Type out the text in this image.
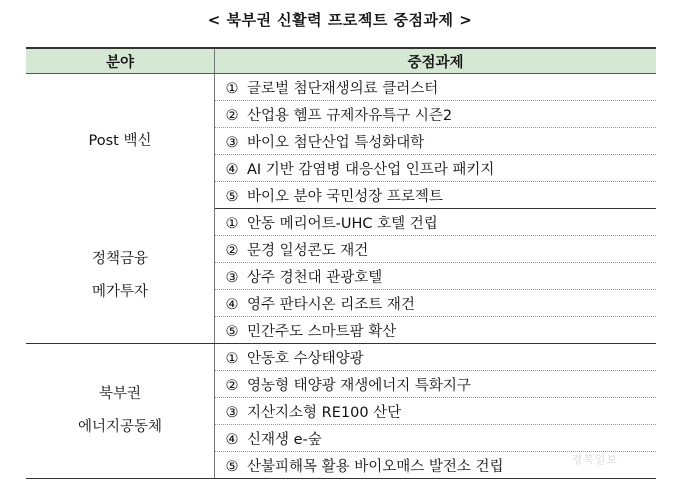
< 북부권 신활력 프로젝트 중점과제 >
분야	중점과제

Post 백신	① 글로벌 첨단재생의료 클러스터
	② 산업용 헴프 규제자유특구 시즌2
	③ 바이오 첨단산업 특성화대학
	④ AI 기반 감염병 대응산업 인프라 패키지
	⑤ 바이오 분야 국민성장 프로젝트

정책금융
메가투자	① 안동 메리어트-UHC 호텔 건립
	② 문경 일성콘도 재건
	③ 상주 경천대 관광호텔
	④ 영주 판타시온 리조트 재건
	⑤ 민간주도 스마트팜 확산

북부권
에너지공동체	① 안동호 수상태양광
	② 영농형 태양광 재생에너지 특화지구
	③ 지산지소형 RE100 산단
	④ 신재생 e-숲
	⑤ 산불피해목 활용 바이오매스 발전소 건립	경북일보
